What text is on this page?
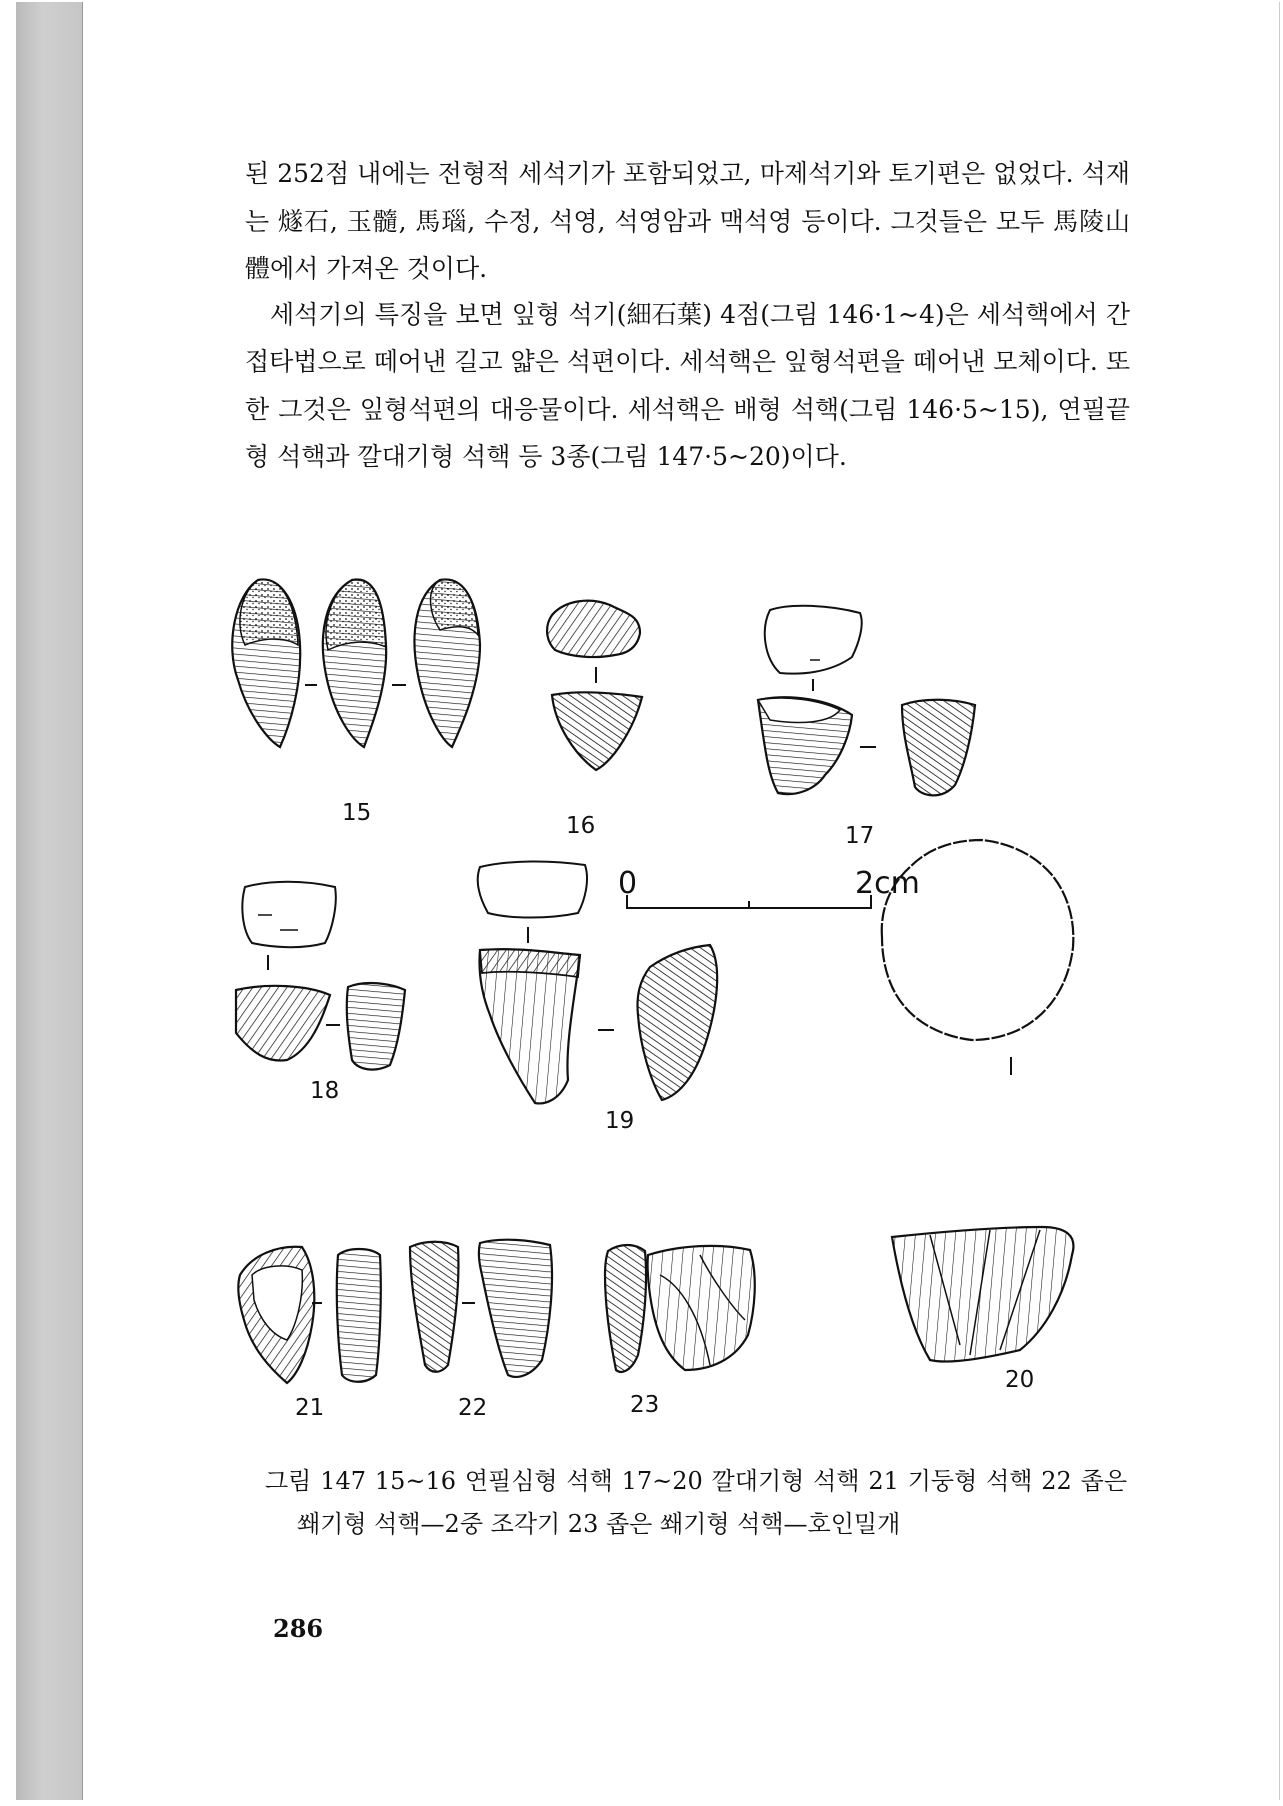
된 252점 내에는 전형적 세석기가 포함되었고, 마제석기와 토기편은 없었다. 석재는 燧石, 玉髓, 馬瑙, 수정, 석영, 석영암과 맥석영 등이다. 그것들은 모두 馬陵山體에서 가져온 것이다.

세석기의 특징을 보면 잎형 석기(細石葉) 4점(그림 146·1~4)은 세석핵에서 간접타법으로 떼어낸 길고 얇은 석편이다. 세석핵은 잎형석편을 떼어낸 모체이다. 또한 그것은 잎형석편의 대응물이다. 세석핵은 배형 석핵(그림 146·5~15), 연필끝형 석핵과 깔대기형 석핵 등 3종(그림 147·5~20)이다.

15	16	17
18
19
0	2cm
20
21	22	23
그림 147 15~16 연필심형 석핵 17~20 깔대기형 석핵 21 기둥형 석핵 22 좁은 쐐기형 석핵—2중 조각기 23 좁은 쐐기형 석핵—호인밀개
286
